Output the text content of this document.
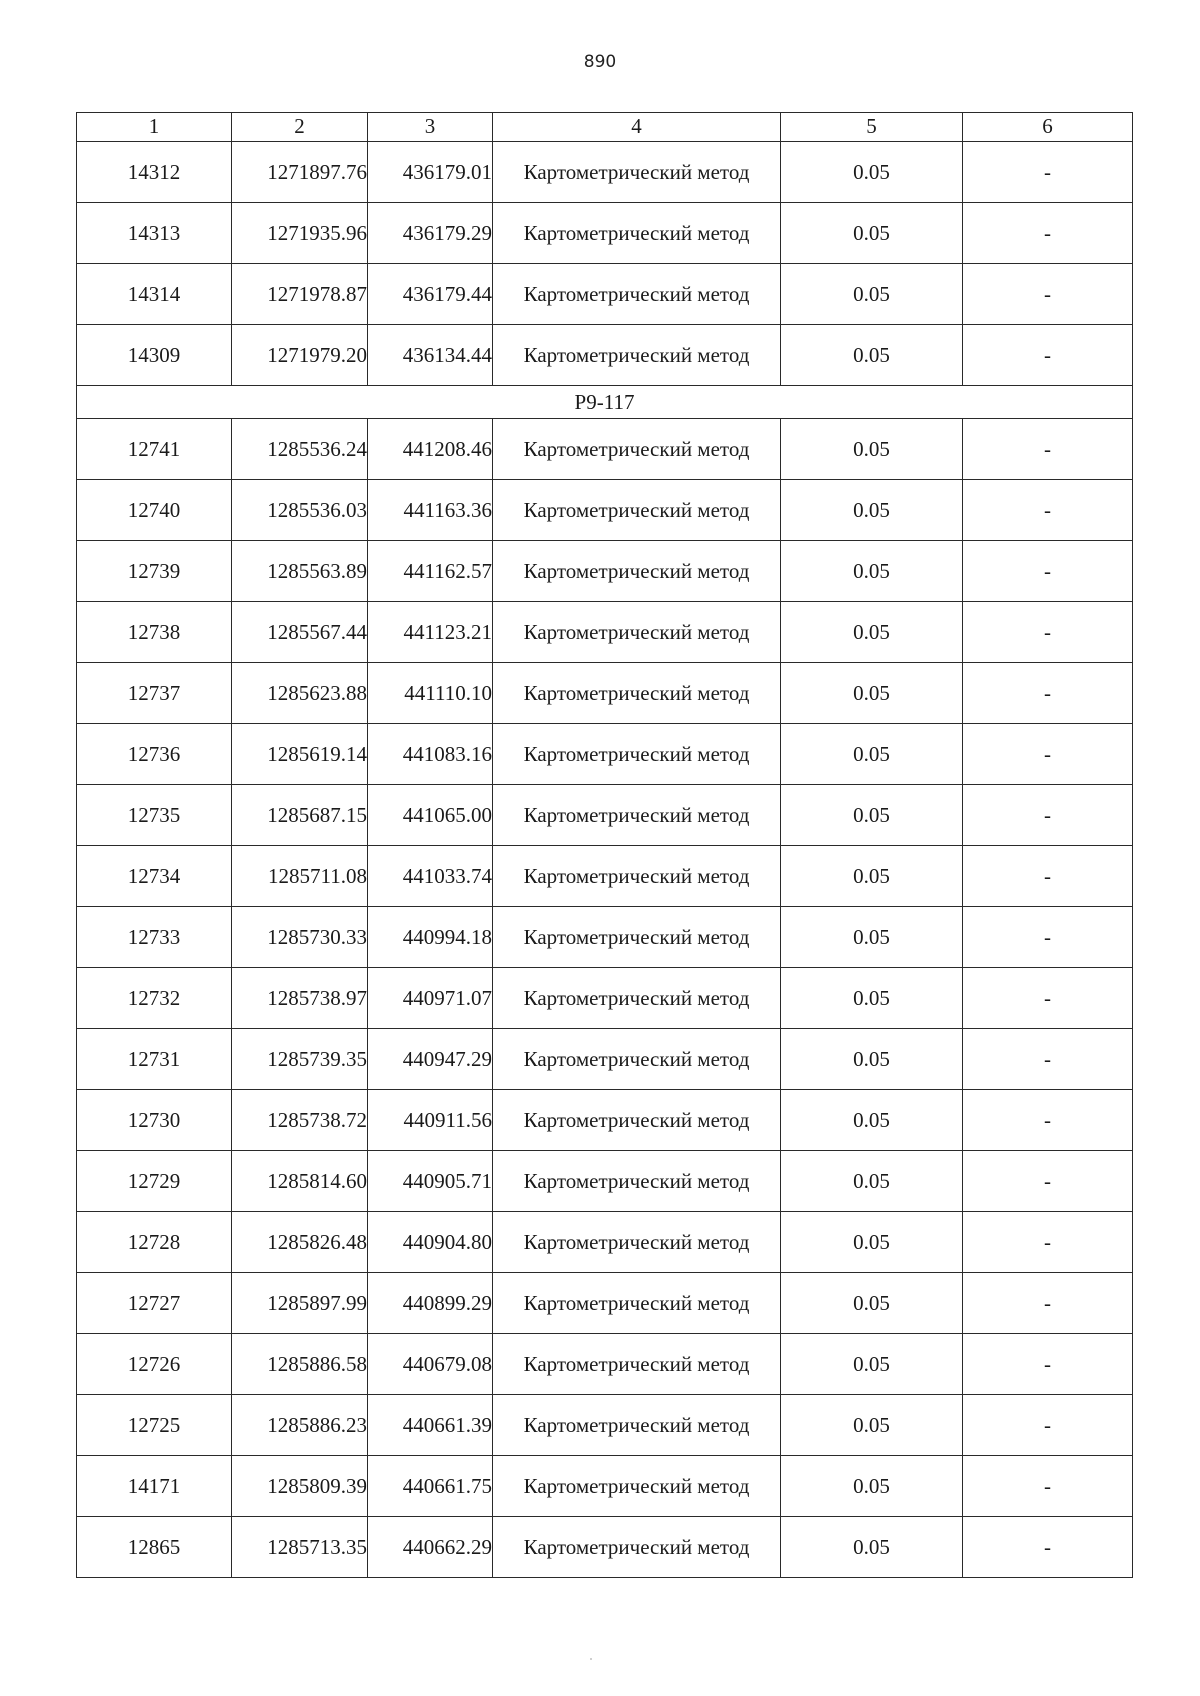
890
1	2	3	4	5	6
14312	1271897.76	436179.01	Картометрический метод	0.05	-
14313	1271935.96	436179.29	Картометрический метод	0.05	-
14314	1271978.87	436179.44	Картометрический метод	0.05	-
14309	1271979.20	436134.44	Картометрический метод	0.05	-
Р9-117					
12741	1285536.24	441208.46	Картометрический метод	0.05	-
12740	1285536.03	441163.36	Картометрический метод	0.05	-
12739	1285563.89	441162.57	Картометрический метод	0.05	-
12738	1285567.44	441123.21	Картометрический метод	0.05	-
12737	1285623.88	441110.10	Картометрический метод	0.05	-
12736	1285619.14	441083.16	Картометрический метод	0.05	-
12735	1285687.15	441065.00	Картометрический метод	0.05	-
12734	1285711.08	441033.74	Картометрический метод	0.05	-
12733	1285730.33	440994.18	Картометрический метод	0.05	-
12732	1285738.97	440971.07	Картометрический метод	0.05	-
12731	1285739.35	440947.29	Картометрический метод	0.05	-
12730	1285738.72	440911.56	Картометрический метод	0.05	-
12729	1285814.60	440905.71	Картометрический метод	0.05	-
12728	1285826.48	440904.80	Картометрический метод	0.05	-
12727	1285897.99	440899.29	Картометрический метод	0.05	-
12726	1285886.58	440679.08	Картометрический метод	0.05	-
12725	1285886.23	440661.39	Картометрический метод	0.05	-
14171	1285809.39	440661.75	Картометрический метод	0.05	-
12865	1285713.35	440662.29	Картометрический метод	0.05	-
